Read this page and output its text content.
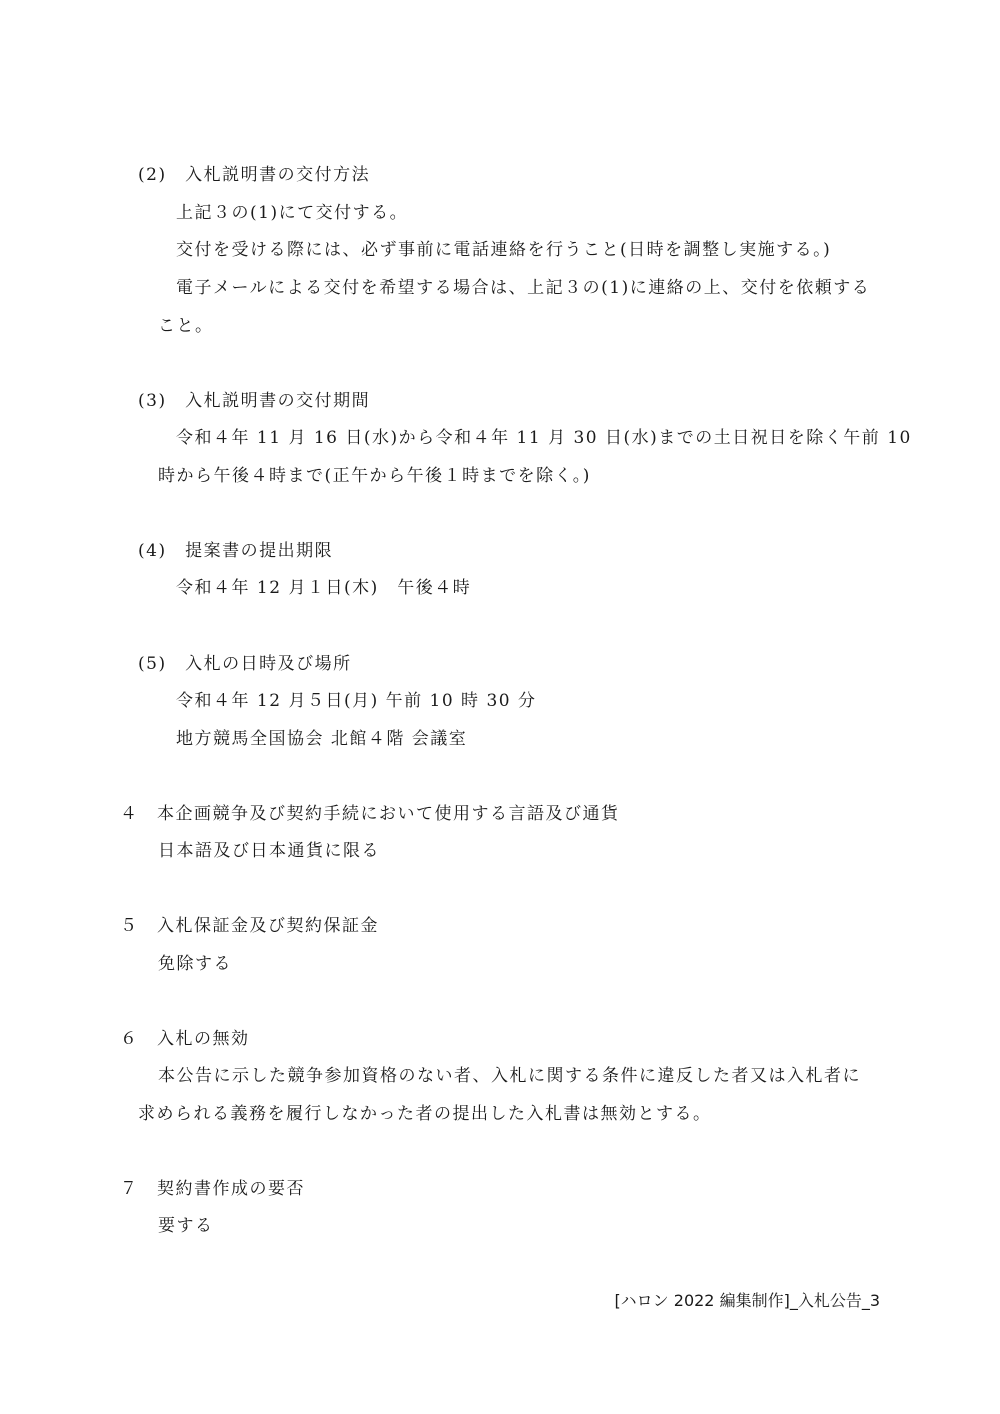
(2)　入札説明書の交付方法
上記３の(1)にて交付する。
交付を受ける際には、必ず事前に電話連絡を行うこと(日時を調整し実施する。)
電子メールによる交付を希望する場合は、上記３の(1)に連絡の上、交付を依頼する
こと。
(3)　入札説明書の交付期間
令和４年 11 月 16 日(水)から令和４年 11 月 30 日(水)までの土日祝日を除く午前 10
時から午後４時まで(正午から午後１時までを除く。)
(4)　提案書の提出期限
令和４年 12 月１日(木)　午後４時
(5)　入札の日時及び場所
令和４年 12 月５日(月) 午前 10 時 30 分
地方競馬全国協会 北館４階 会議室
４　本企画競争及び契約手続において使用する言語及び通貨
日本語及び日本通貨に限る
５　入札保証金及び契約保証金
免除する
６　入札の無効
本公告に示した競争参加資格のない者、入札に関する条件に違反した者又は入札者に
求められる義務を履行しなかった者の提出した入札書は無効とする。
７　契約書作成の要否
要する
[ハロン 2022 編集制作]_入札公告_3
